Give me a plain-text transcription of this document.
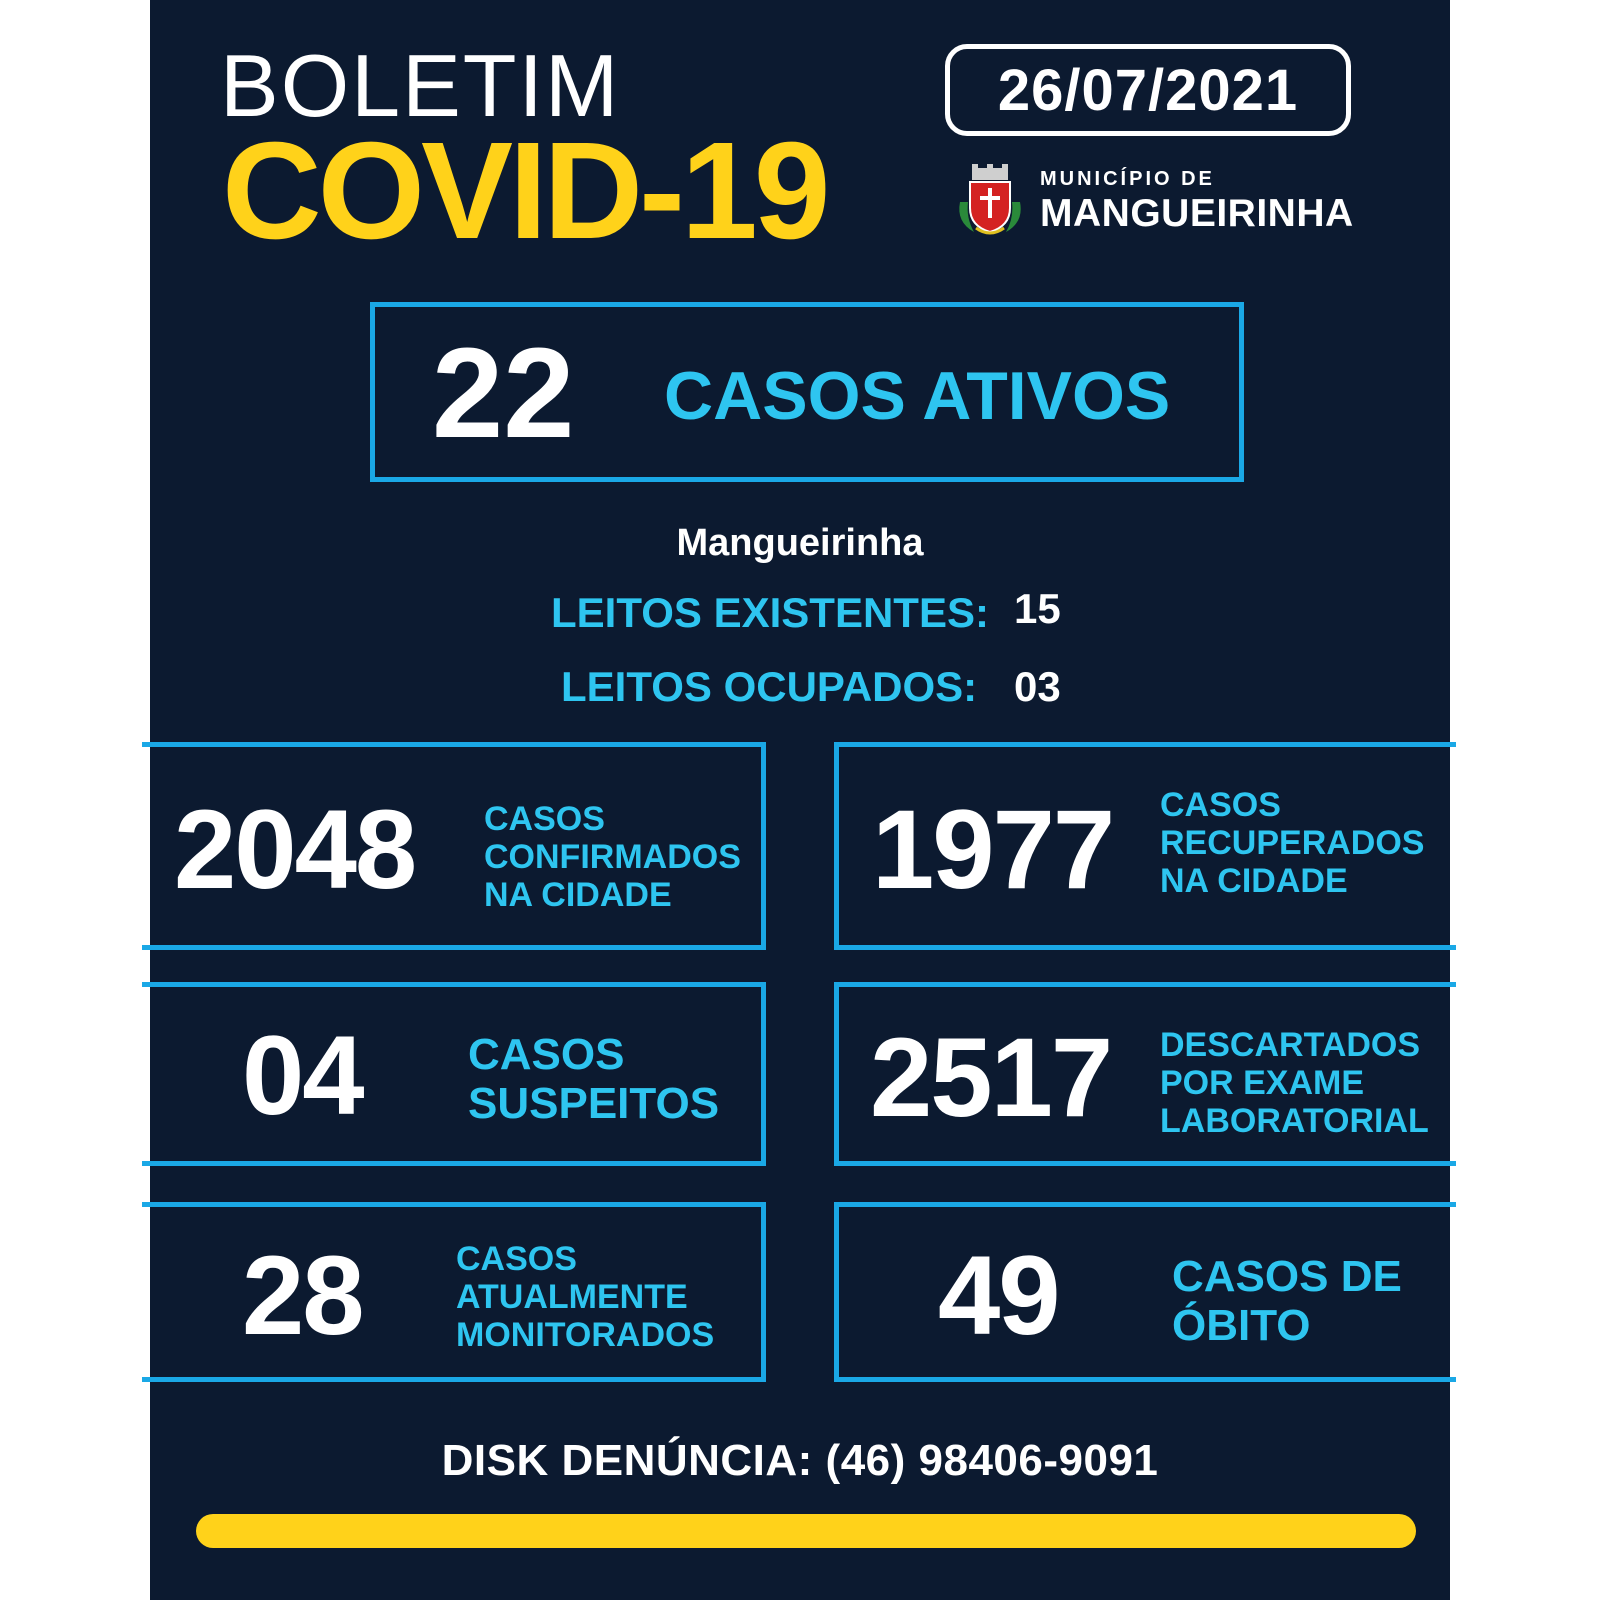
BOLETIM
COVID-19
26/07/2021
MUNICÍPIO DE
MANGUEIRINHA
22 CASOS ATIVOS
Mangueirinha
LEITOS EXISTENTES: 15
LEITOS OCUPADOS: 03
2048 CASOS
CONFIRMADOS
NA CIDADE	1977 CASOS
RECUPERADOS
NA CIDADE
04 CASOS
SUSPEITOS 2517 DESCARTADOS
POR EXAME
LABORATORIAL
28	CASOS
ATUALMENTE
MONITORADOS 49	CASOS DE
ÓBITO
DISK DENÚNCIA: (46) 98406-9091
